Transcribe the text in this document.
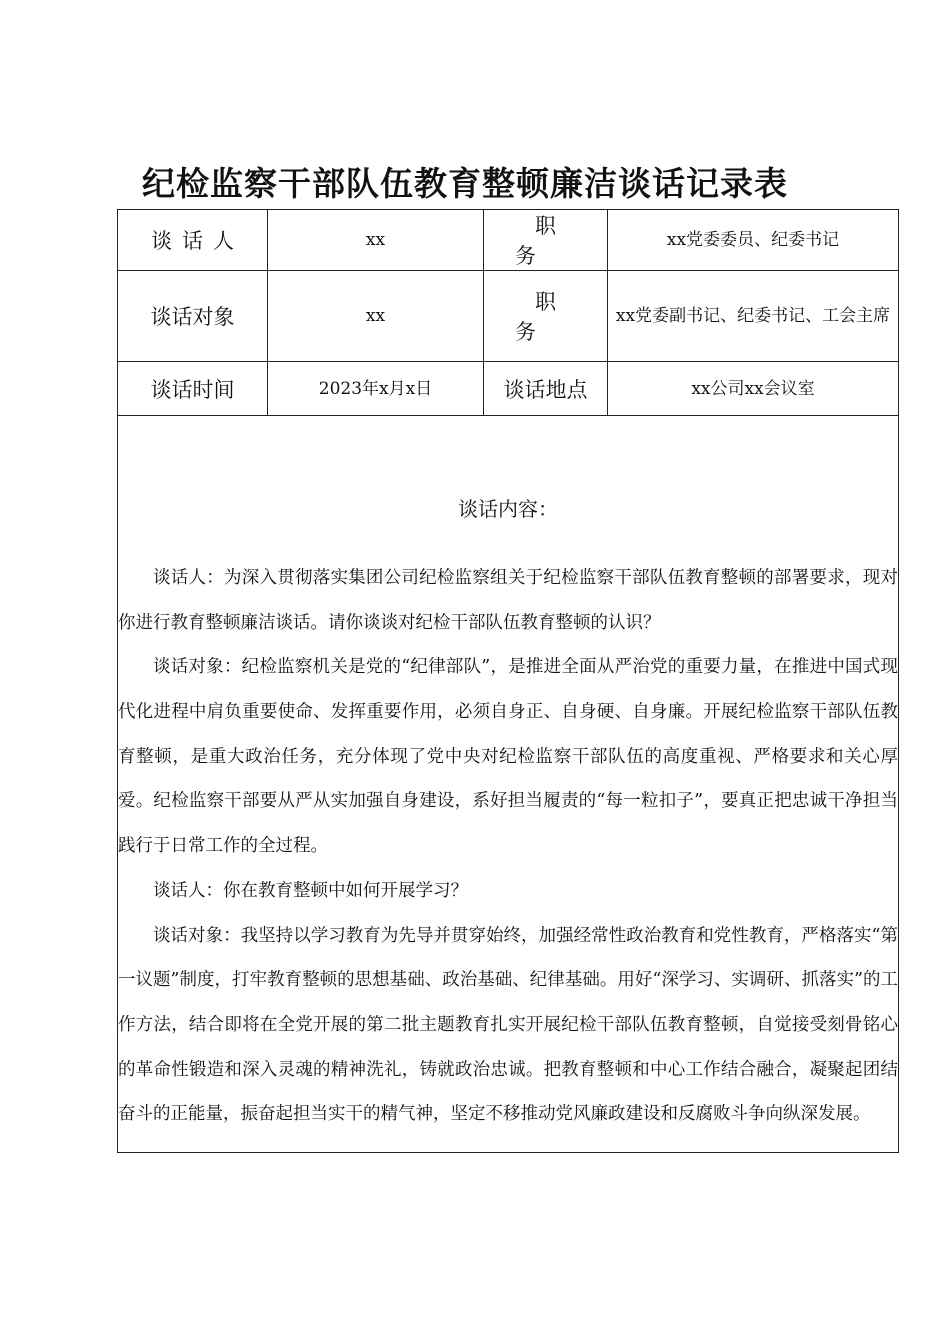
纪检监察干部队伍教育整顿廉洁谈话记录表
谈话人	xx	职务	xx党委委员、纪委书记
谈话对象	xx	职务	xx党委副书记、纪委书记、工会主席
谈话时间	2023年x月x日	谈话地点	xx公司xx会议室

谈话内容：

谈话人：为深入贯彻落实集团公司纪检监察组关于纪检监察干部队伍教育整顿的部署要求，现对你进行教育整顿廉洁谈话。请你谈谈对纪检干部队伍教育整顿的认识？

谈话对象：纪检监察机关是党的“纪律部队”，是推进全面从严治党的重要力量，在推进中国式现代化进程中肩负重要使命、发挥重要作用，必须自身正、自身硬、自身廉。开展纪检监察干部队伍教育整顿，是重大政治任务，充分体现了党中央对纪检监察干部队伍的高度重视、严格要求和关心厚爱。纪检监察干部要从严从实加强自身建设，系好担当履责的“每一粒扣子”，要真正把忠诚干净担当践行于日常工作的全过程。

谈话人：你在教育整顿中如何开展学习？

谈话对象：我坚持以学习教育为先导并贯穿始终，加强经常性政治教育和党性教育，严格落实“第一议题”制度，打牢教育整顿的思想基础、政治基础、纪律基础。用好“深学习、实调研、抓落实”的工作方法，结合即将在全党开展的第二批主题教育扎实开展纪检干部队伍教育整顿，自觉接受刻骨铭心的革命性锻造和深入灵魂的精神洗礼，铸就政治忠诚。把教育整顿和中心工作结合融合，凝聚起团结奋斗的正能量，振奋起担当实干的精气神，坚定不移推动党风廉政建设和反腐败斗争向纵深发展。			
